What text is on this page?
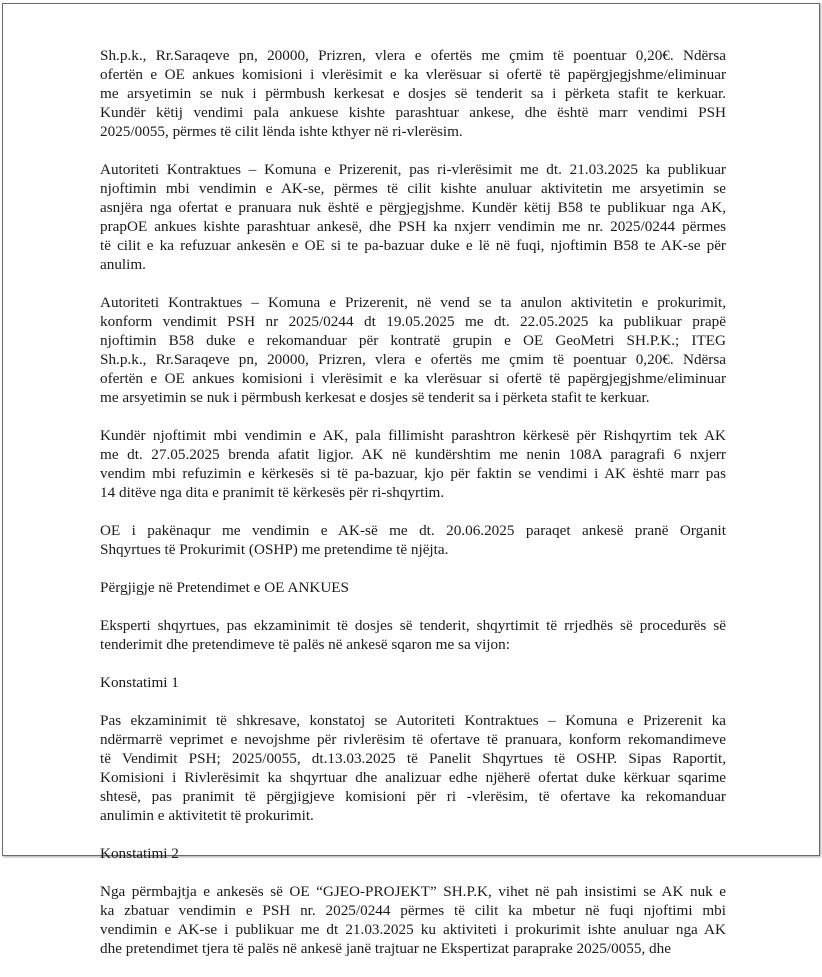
Sh.p.k., Rr.Saraqeve pn, 20000, Prizren, vlera e ofertës me çmim të poentuar 0,20€. Ndërsa
ofertën e OE ankues komisioni i vlerësimit e ka vlerësuar si ofertë të papërgjegjshme/eliminuar
me arsyetimin se nuk i përmbush kerkesat e dosjes së tenderit sa i përketa stafit te kerkuar.
Kundër këtij vendimi pala ankuese kishte parashtuar ankese, dhe është marr vendimi PSH
2025/0055, përmes të cilit lënda ishte kthyer në ri-vlerësim.
Autoriteti Kontraktues – Komuna e Prizerenit, pas ri-vlerësimit me dt. 21.03.2025 ka publikuar
njoftimin mbi vendimin e AK-se, përmes të cilit kishte anuluar aktivitetin me arsyetimin se
asnjëra nga ofertat e pranuara nuk është e përgjegjshme. Kundër këtij B58 te publikuar nga AK,
prapOE ankues kishte parashtuar ankesë, dhe PSH ka nxjerr vendimin me nr. 2025/0244 përmes
të cilit e ka refuzuar ankesën e OE si te pa-bazuar duke e lë në fuqi, njoftimin B58 te AK-se për
anulim.
Autoriteti Kontraktues – Komuna e Prizerenit, në vend se ta anulon aktivitetin e prokurimit,
konform vendimit PSH nr 2025/0244 dt 19.05.2025 me dt. 22.05.2025 ka publikuar prapë
njoftimin B58 duke e rekomanduar për kontratë grupin e OE GeoMetri SH.P.K.; ITEG
Sh.p.k., Rr.Saraqeve pn, 20000, Prizren, vlera e ofertës me çmim të poentuar 0,20€. Ndërsa
ofertën e OE ankues komisioni i vlerësimit e ka vlerësuar si ofertë të papërgjegjshme/eliminuar
me arsyetimin se nuk i përmbush kerkesat e dosjes së tenderit sa i përketa stafit te kerkuar.
Kundër njoftimit mbi vendimin e AK, pala fillimisht parashtron kërkesë për Rishqyrtim tek AK
me dt. 27.05.2025 brenda afatit ligjor. AK në kundërshtim me nenin 108A paragrafi 6 nxjerr
vendim mbi refuzimin e kërkesës si të pa-bazuar, kjo për faktin se vendimi i AK është marr pas
14 ditëve nga dita e pranimit të kërkesës për ri-shqyrtim.
OE i pakënaqur me vendimin e AK-së me dt. 20.06.2025 paraqet ankesë pranë Organit
Shqyrtues të Prokurimit (OSHP) me pretendime të njëjta.
Përgjigje në Pretendimet e OE ANKUES
Eksperti shqyrtues, pas ekzaminimit të dosjes së tenderit, shqyrtimit të rrjedhës së procedurës së
tenderimit dhe pretendimeve të palës në ankesë sqaron me sa vijon:
Konstatimi 1
Pas ekzaminimit të shkresave, konstatoj se Autoriteti Kontraktues – Komuna e Prizerenit ka
ndërmarrë veprimet e nevojshme për rivlerësim të ofertave të pranuara, konform rekomandimeve
të Vendimit PSH; 2025/0055, dt.13.03.2025 të Panelit Shqyrtues të OSHP. Sipas Raportit,
Komisioni i Rivlerësimit ka shqyrtuar dhe analizuar edhe njëherë ofertat duke kërkuar sqarime
shtesë, pas pranimit të përgjigjeve komisioni për ri -vlerësim, të ofertave ka rekomanduar
anulimin e aktivitetit të prokurimit.
Konstatimi 2
Nga përmbajtja e ankesës së OE “GJEO-PROJEKT” SH.P.K, vihet në pah insistimi se AK nuk e
ka zbatuar vendimin e PSH nr. 2025/0244 përmes të cilit ka mbetur në fuqi njoftimi mbi
vendimin e AK-se i publikuar me dt 21.03.2025 ku aktiviteti i prokurimit ishte anuluar nga AK
dhe pretendimet tjera të palës në ankesë janë trajtuar ne Ekspertizat paraprake 2025/0055, dhe
